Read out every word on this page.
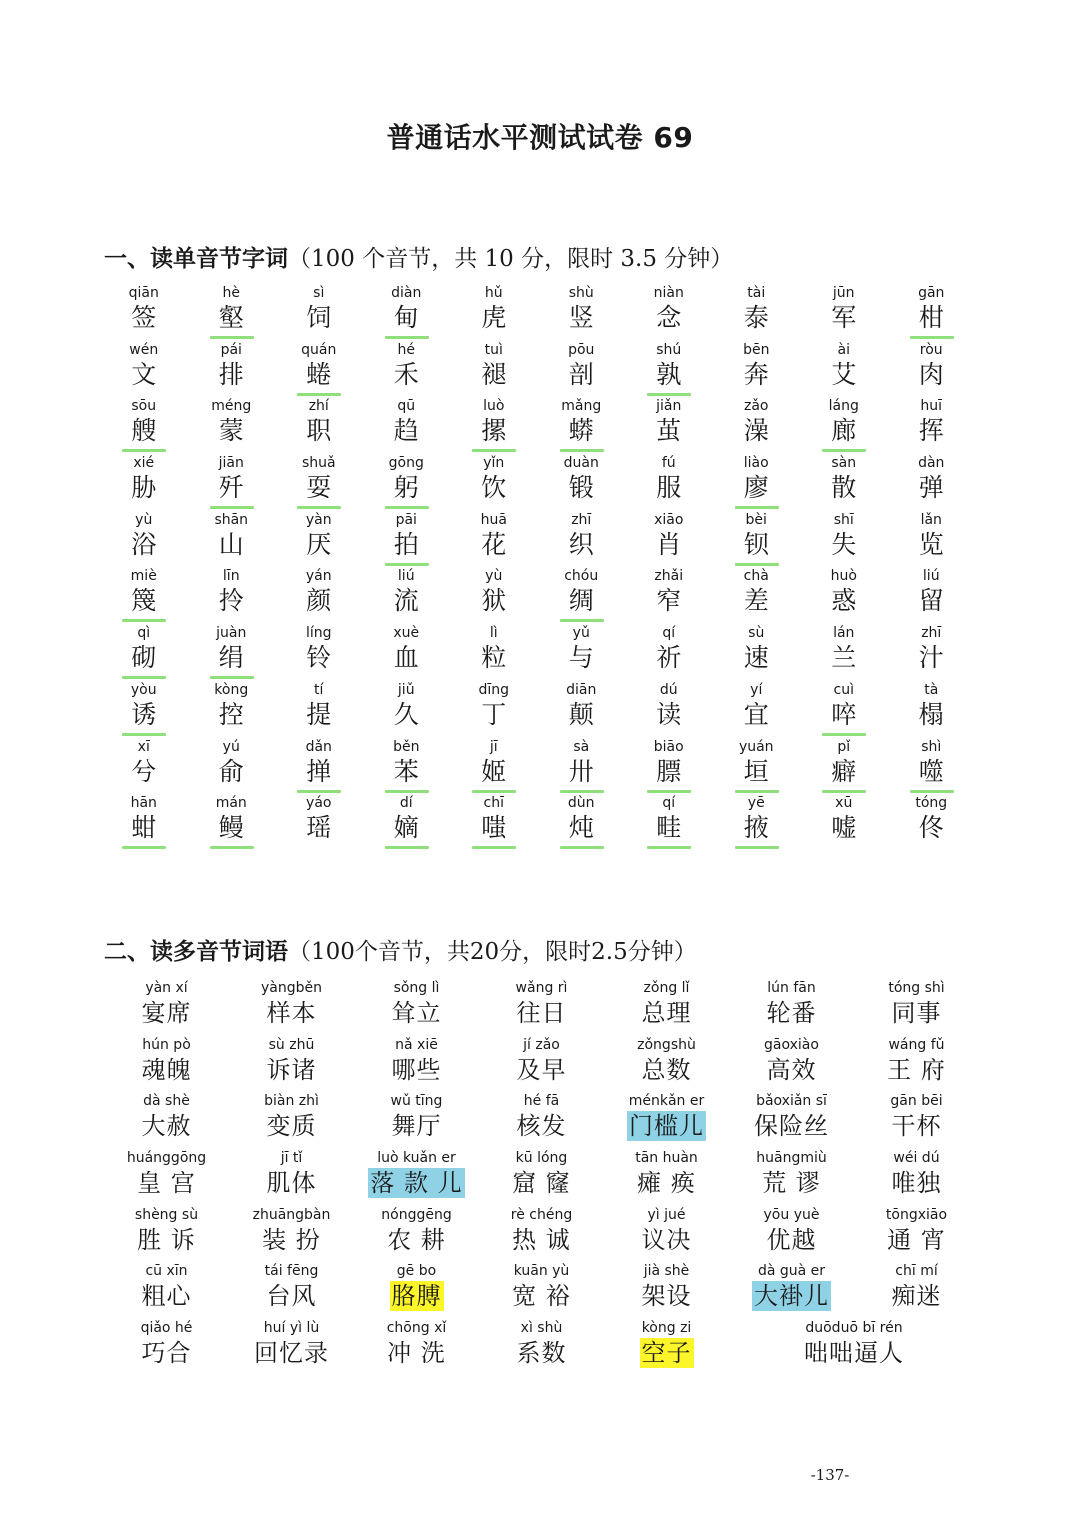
普通话水平测试试卷 69
一、读单音节字词（100 个音节，共 10 分，限时 3.5 分钟）
qiān
签
hè
壑
sì
饲
diàn
甸
hǔ
虎
shù
竖
niàn
念
tài
泰
jūn
军
gān
柑
wén
文
pái
排
quán
蜷
hé
禾
tuì
褪
pōu
剖
shú
孰
bēn
奔
ài
艾
ròu
肉
sōu
艘
méng
蒙
zhí
职
qū
趋
luò
摞
mǎng
蟒
jiǎn
茧
zǎo
澡
láng
廊
huī
挥
xié
胁
jiān
歼
shuǎ
耍
gōng
躬
yǐn
饮
duàn
锻
fú
服
liào
廖
sàn
散
dàn
弹
yù
浴
shān
山
yàn
厌
pāi
拍
huā
花
zhī
织
xiāo
肖
bèi
钡
shī
失
lǎn
览
miè
篾
līn
拎
yán
颜
liú
流
yù
狱
chóu
绸
zhǎi
窄
chà
差
huò
惑
liú
留
qì
砌
juàn
绢
líng
铃
xuè
血
lì
粒
yǔ
与
qí
祈
sù
速
lán
兰
zhī
汁
yòu
诱
kòng
控
tí
提
jiǔ
久
dīng
丁
diān
颠
dú
读
yí
宜
cuì
啐
tà
榻
xī
兮
yú
俞
dǎn
掸
běn
苯
jī
姬
sà
卅
biāo
膘
yuán
垣
pǐ
癖
shì
噬
hān
蚶
mán
鳗
yáo
瑶
dí
嫡
chī
嗤
dùn
炖
qí
畦
yē
掖
xū
嘘
tóng
佟
二、读多音节词语（100个音节，共20分，限时2.5分钟）
yàn xí
宴席
yàngběn
样本
sǒng lì
耸立
wǎng rì
往日
zǒng lǐ
总理
lún fān
轮番
tóng shì
同事
hún pò
魂魄
sù zhū
诉诸
nǎ xiē
哪些
jí zǎo
及早
zǒngshù
总数
gāoxiào
高效
wáng fǔ
王 府
dà shè
大赦
biàn zhì
变质
wǔ tīng
舞厅
hé fā
核发
ménkǎn er
门槛儿
bǎoxiǎn sī
保险丝
gān bēi
干杯
huánggōng
皇 宫
jī tǐ
肌体
luò kuǎn er
落 款 儿
kū lóng
窟 窿
tān huàn
瘫 痪
huāngmiù
荒 谬
wéi dú
唯独
shèng sù
胜 诉
zhuāngbàn
装 扮
nónggēng
农 耕
rè chéng
热 诚
yì jué
议决
yōu yuè
优越
tōngxiāo
通 宵
cū xīn
粗心
tái fēng
台风
gē bo
胳膊
kuān yù
宽 裕
jià shè
架设
dà guà er
大褂儿
chī mí
痴迷
qiǎo hé
巧合
huí yì lù
回忆录
chōng xǐ
冲 洗
xì shù
系数
kòng zi
空子
duōduō bī rén
咄咄逼人
-137-
